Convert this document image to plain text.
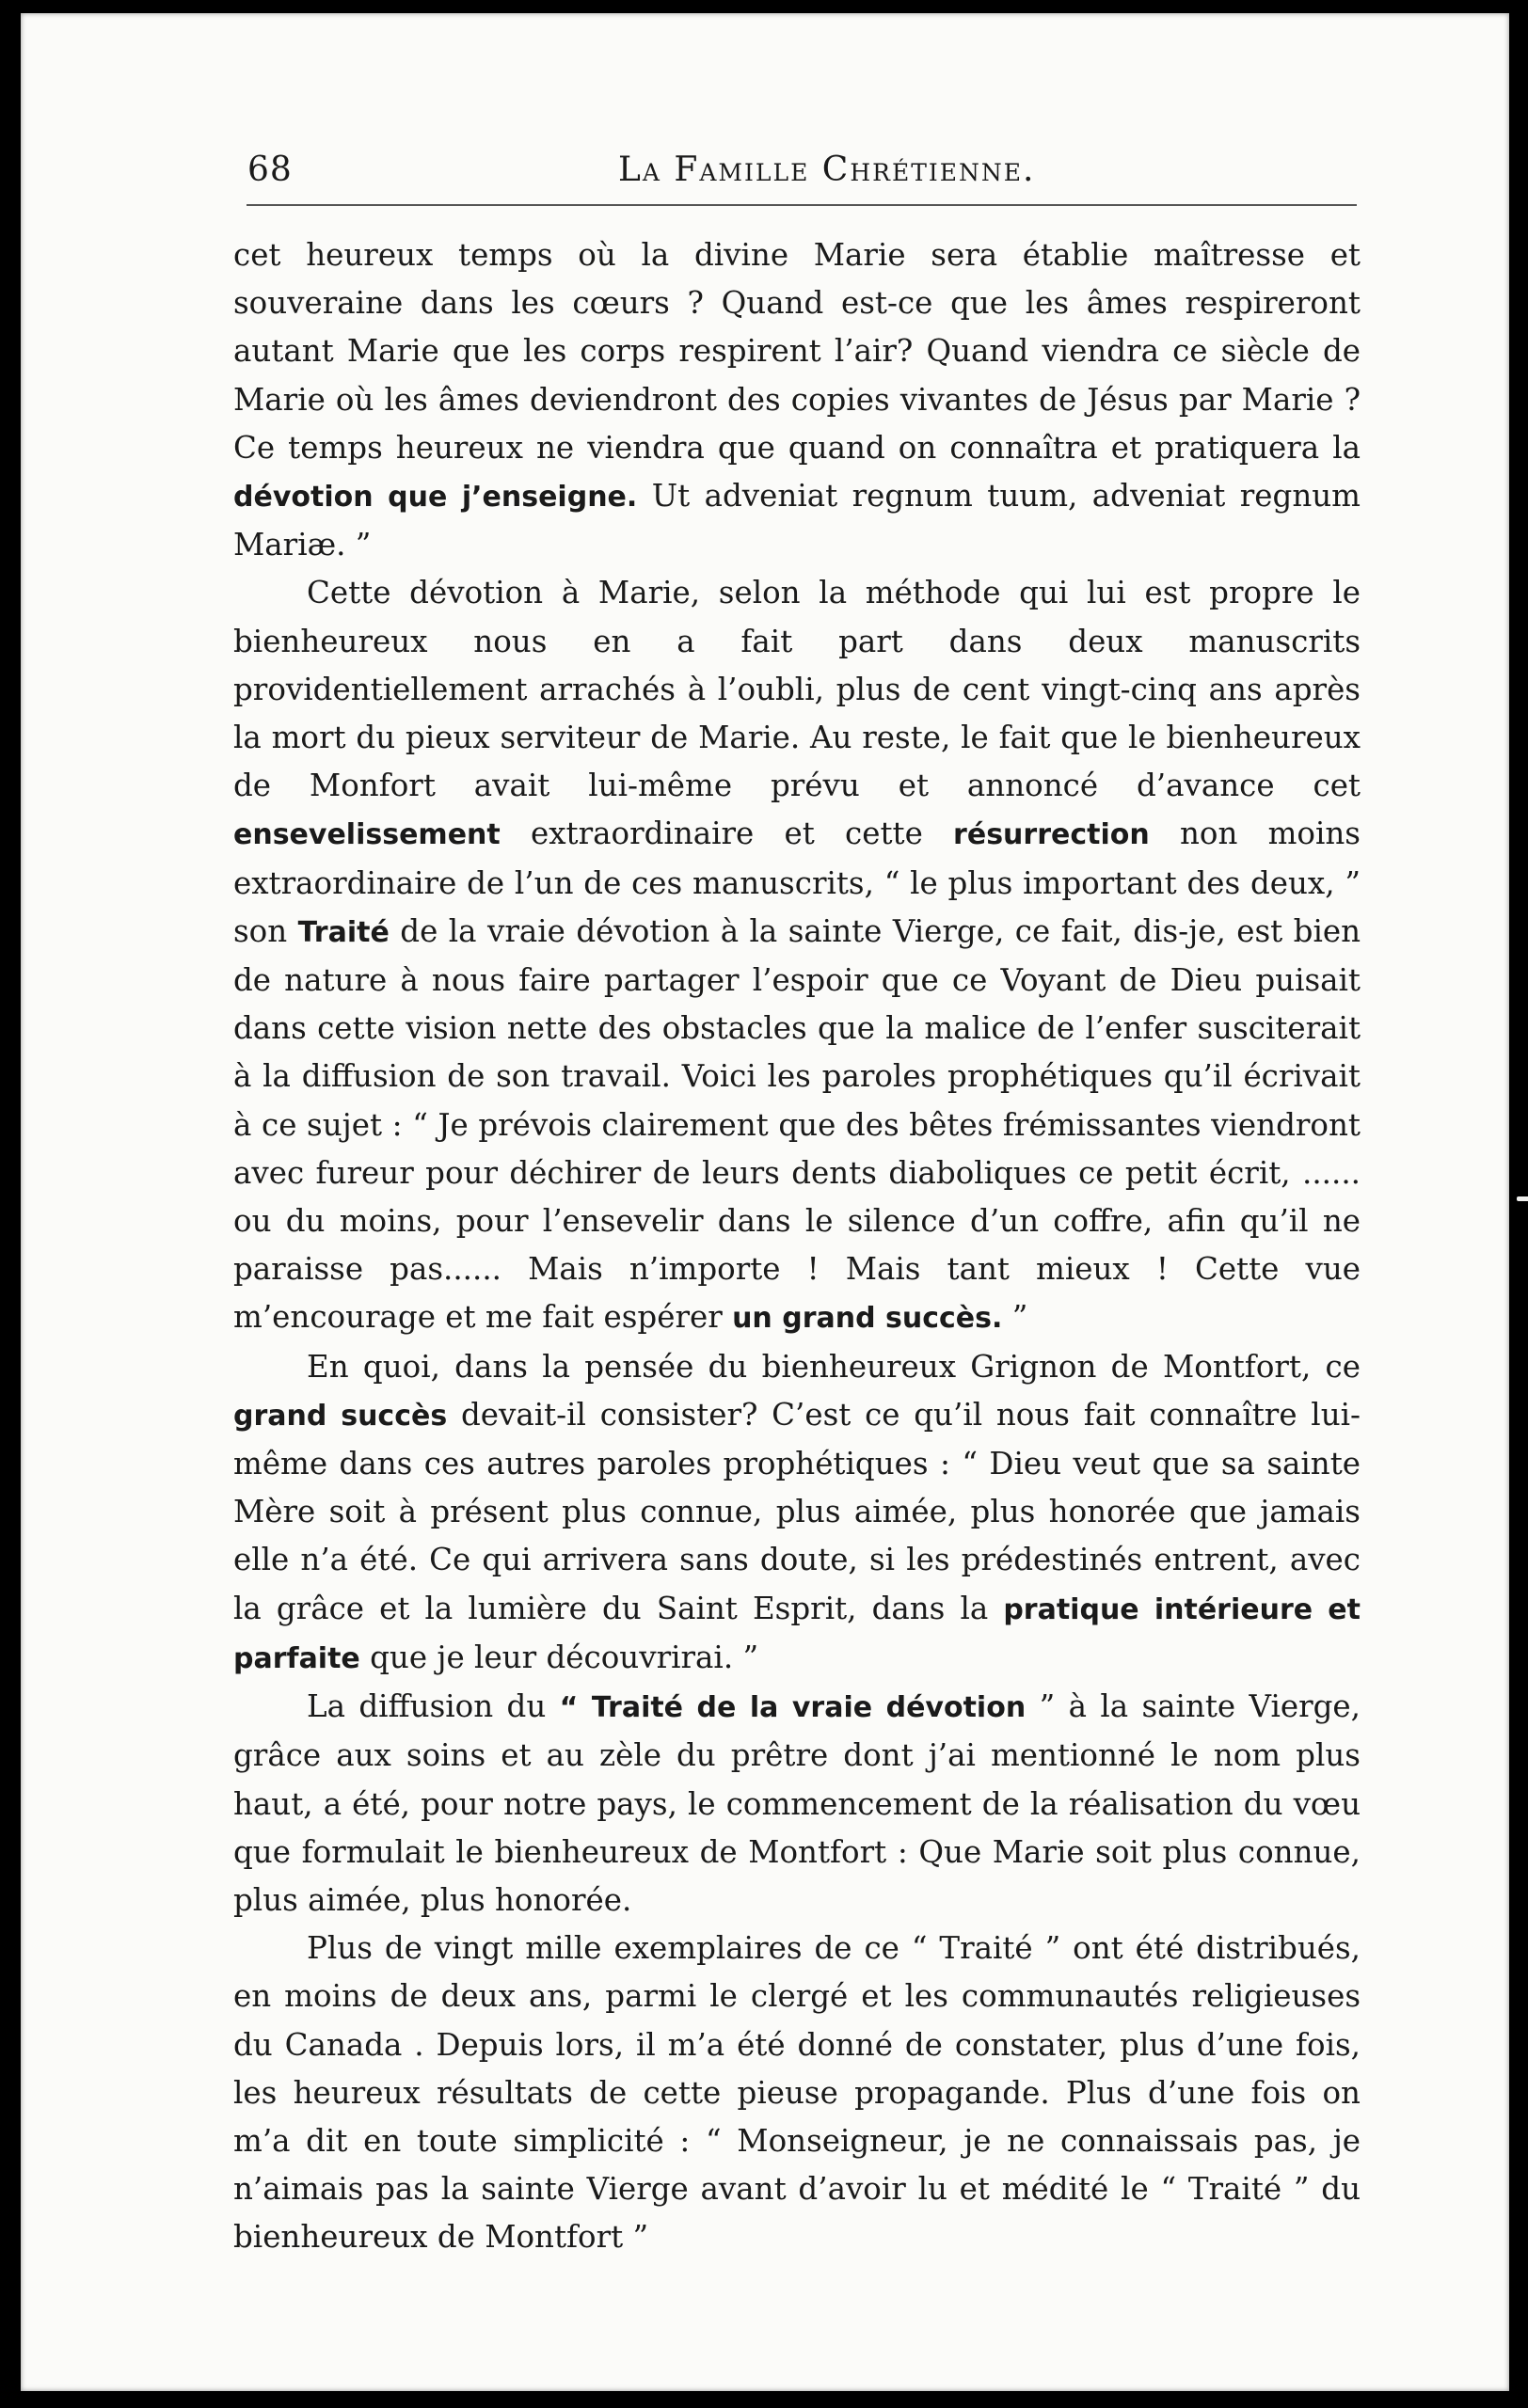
68	La Famille Chrétienne.

cet heureux temps où la divine Marie sera établie maîtresse et souveraine dans les cœurs ? Quand est-ce que les âmes respireront autant Marie que les corps respirent l’air? Quand viendra ce siècle de Marie où les âmes deviendront des copies vivantes de Jésus par Marie ? Ce temps heureux ne viendra que quand on connaîtra et pratiquera la dévotion que j’enseigne. Ut adveniat regnum tuum, adveniat regnum Mariæ. ”

Cette dévotion à Marie, selon la méthode qui lui est propre le bienheureux nous en a fait part dans deux manuscrits providentiellement arrachés à l’oubli, plus de cent vingt-cinq ans après la mort du pieux serviteur de Marie. Au reste, le fait que le bienheureux de Monfort avait lui-même prévu et annoncé d’avance cet ensevelissement extraordinaire et cette résurrection non moins extraordinaire de l’un de ces manuscrits, “ le plus important des deux, ” son Traité de la vraie dévotion à la sainte Vierge, ce fait, dis-je, est bien de nature à nous faire partager l’espoir que ce Voyant de Dieu puisait dans cette vision nette des obstacles que la malice de l’enfer susciterait à la diffusion de son travail. Voici les paroles prophétiques qu’il écrivait à ce sujet : “ Je prévois clairement que des bêtes frémissantes viendront avec fureur pour déchirer de leurs dents diaboliques ce petit écrit, ...... ou du moins, pour l’ensevelir dans le silence d’un coffre, afin qu’il ne paraisse pas...... Mais n’importe ! Mais tant mieux ! Cette vue m’encourage et me fait espérer un grand succès. ”

En quoi, dans la pensée du bienheureux Grignon de Montfort, ce grand succès devait-il consister? C’est ce qu’il nous fait connaître lui-même dans ces autres paroles prophétiques : “ Dieu veut que sa sainte Mère soit à présent plus connue, plus aimée, plus honorée que jamais elle n’a été. Ce qui arrivera sans doute, si les prédestinés entrent, avec la grâce et la lumière du Saint Esprit, dans la pratique intérieure et parfaite que je leur découvrirai. ”

La diffusion du “ Traité de la vraie dévotion ” à la sainte Vierge, grâce aux soins et au zèle du prêtre dont j’ai mentionné le nom plus haut, a été, pour notre pays, le commencement de la réalisation du vœu que formulait le bienheureux de Montfort : Que Marie soit plus connue, plus aimée, plus honorée.

Plus de vingt mille exemplaires de ce “ Traité ” ont été distribués, en moins de deux ans, parmi le clergé et les communautés religieuses du Canada . Depuis lors, il m’a été donné de constater, plus d’une fois, les heureux résultats de cette pieuse propagande. Plus d’une fois on m’a dit en toute simplicité : “ Monseigneur, je ne connaissais pas, je n’aimais pas la sainte Vierge avant d’avoir lu et médité le “ Traité ” du bienheureux de Montfort ”
